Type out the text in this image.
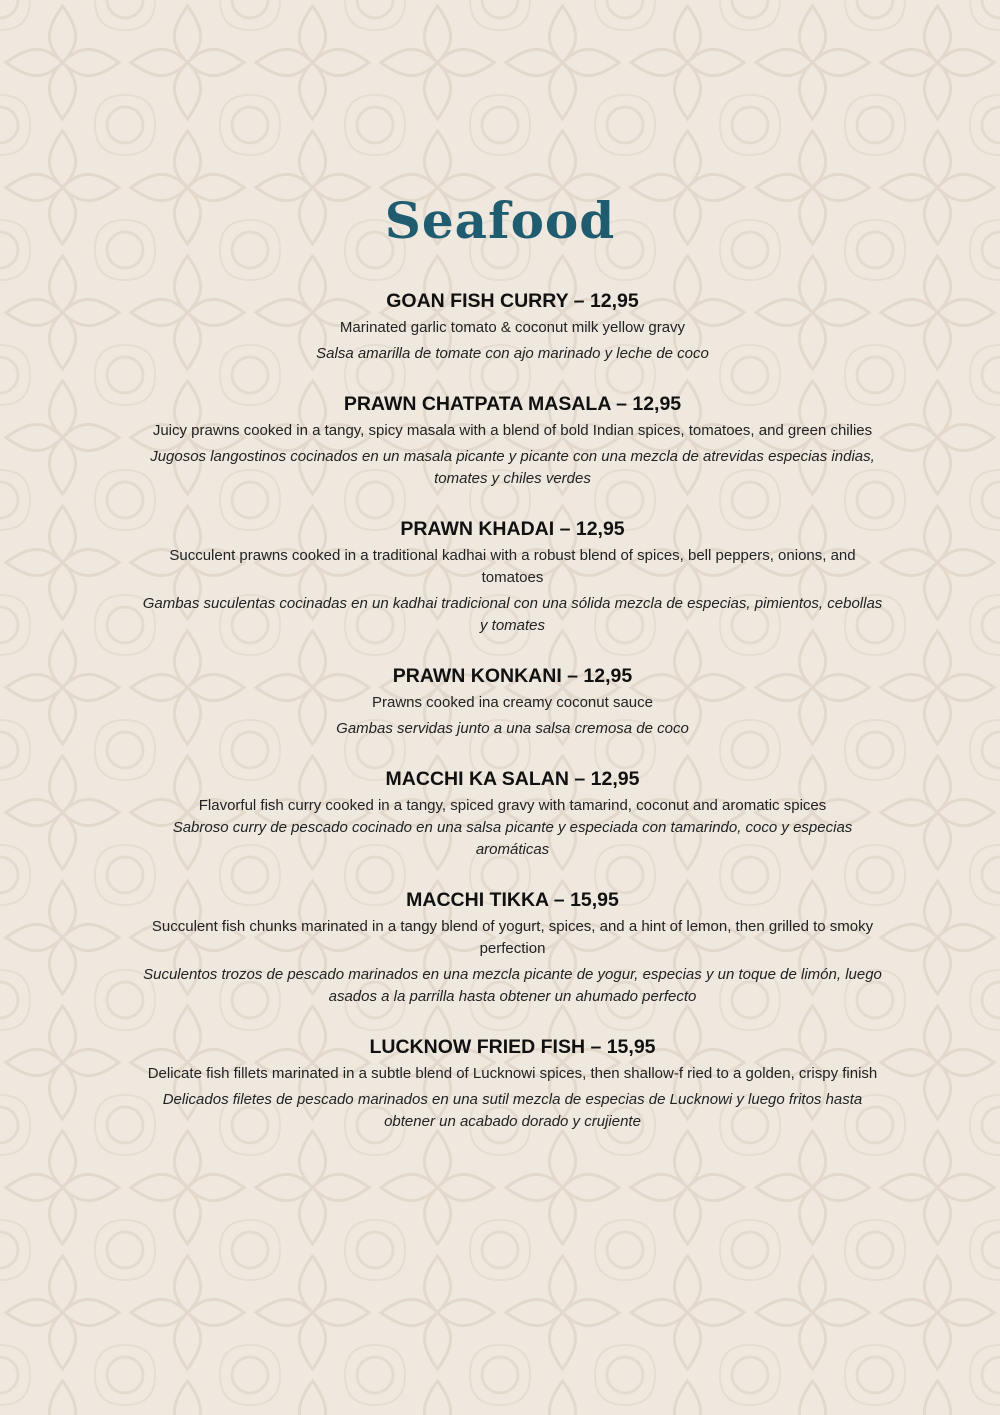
Seafood
GOAN FISH CURRY – 12,95
Marinated garlic tomato & coconut milk yellow gravy
Salsa amarilla de tomate con ajo marinado y leche de coco
PRAWN CHATPATA MASALA – 12,95
Juicy prawns cooked in a tangy, spicy masala with a blend of bold Indian spices, tomatoes, and green chilies
Jugosos langostinos cocinados en un masala picante y picante con una mezcla de atrevidas especias indias, tomates y chiles verdes
PRAWN KHADAI – 12,95
Succulent prawns cooked in a traditional kadhai with a robust blend of spices, bell peppers, onions, and tomatoes
Gambas suculentas cocinadas en un kadhai tradicional con una sólida mezcla de especias, pimientos, cebollas y tomates
PRAWN KONKANI – 12,95
Prawns cooked ina creamy coconut sauce
Gambas servidas junto a una salsa cremosa de coco
MACCHI KA SALAN – 12,95
Flavorful fish curry cooked in a tangy, spiced gravy with tamarind, coconut and aromatic spices
Sabroso curry de pescado cocinado en una salsa picante y especiada con tamarindo, coco y especias aromáticas
MACCHI TIKKA – 15,95
Succulent fish chunks marinated in a tangy blend of yogurt, spices, and a hint of lemon, then grilled to smoky perfection
Suculentos trozos de pescado marinados en una mezcla picante de yogur, especias y un toque de limón, luego asados a la parrilla hasta obtener un ahumado perfecto
LUCKNOW FRIED FISH – 15,95
Delicate fish fillets marinated in a subtle blend of Lucknowi spices, then shallow-f ried to a golden, crispy finish
Delicados filetes de pescado marinados en una sutil mezcla de especias de Lucknowi y luego fritos hasta obtener un acabado dorado y crujiente
